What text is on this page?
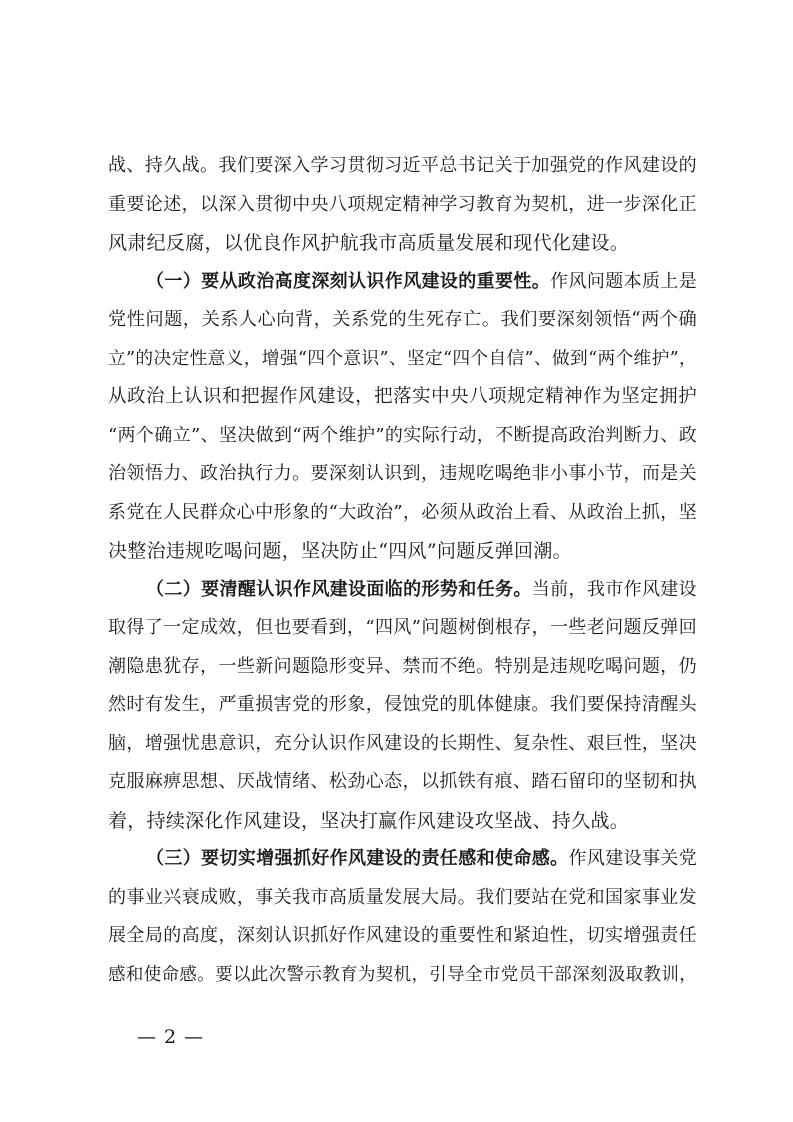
战、持久战。我们要深入学习贯彻习近平总书记关于加强党的作风建设的
重要论述，以深入贯彻中央八项规定精神学习教育为契机，进一步深化正
风肃纪反腐，以优良作风护航我市高质量发展和现代化建设。

（一）要从政治高度深刻认识作风建设的重要性。作风问题本质上是
党性问题，关系人心向背，关系党的生死存亡。我们要深刻领悟“两个确
立”的决定性意义，增强“四个意识”、坚定“四个自信”、做到“两个维护”，
从政治上认识和把握作风建设，把落实中央八项规定精神作为坚定拥护
“两个确立”、坚决做到“两个维护”的实际行动，不断提高政治判断力、政
治领悟力、政治执行力。要深刻认识到，违规吃喝绝非小事小节，而是关
系党在人民群众心中形象的“大政治”，必须从政治上看、从政治上抓，坚
决整治违规吃喝问题，坚决防止“四风”问题反弹回潮。

（二）要清醒认识作风建设面临的形势和任务。当前，我市作风建设
取得了一定成效，但也要看到，“四风”问题树倒根存，一些老问题反弹回
潮隐患犹存，一些新问题隐形变异、禁而不绝。特别是违规吃喝问题，仍
然时有发生，严重损害党的形象，侵蚀党的肌体健康。我们要保持清醒头
脑，增强忧患意识，充分认识作风建设的长期性、复杂性、艰巨性，坚决
克服麻痹思想、厌战情绪、松劲心态，以抓铁有痕、踏石留印的坚韧和执
着，持续深化作风建设，坚决打赢作风建设攻坚战、持久战。

（三）要切实增强抓好作风建设的责任感和使命感。作风建设事关党
的事业兴衰成败，事关我市高质量发展大局。我们要站在党和国家事业发
展全局的高度，深刻认识抓好作风建设的重要性和紧迫性，切实增强责任
感和使命感。要以此次警示教育为契机，引导全市党员干部深刻汲取教训，

— 2 —
